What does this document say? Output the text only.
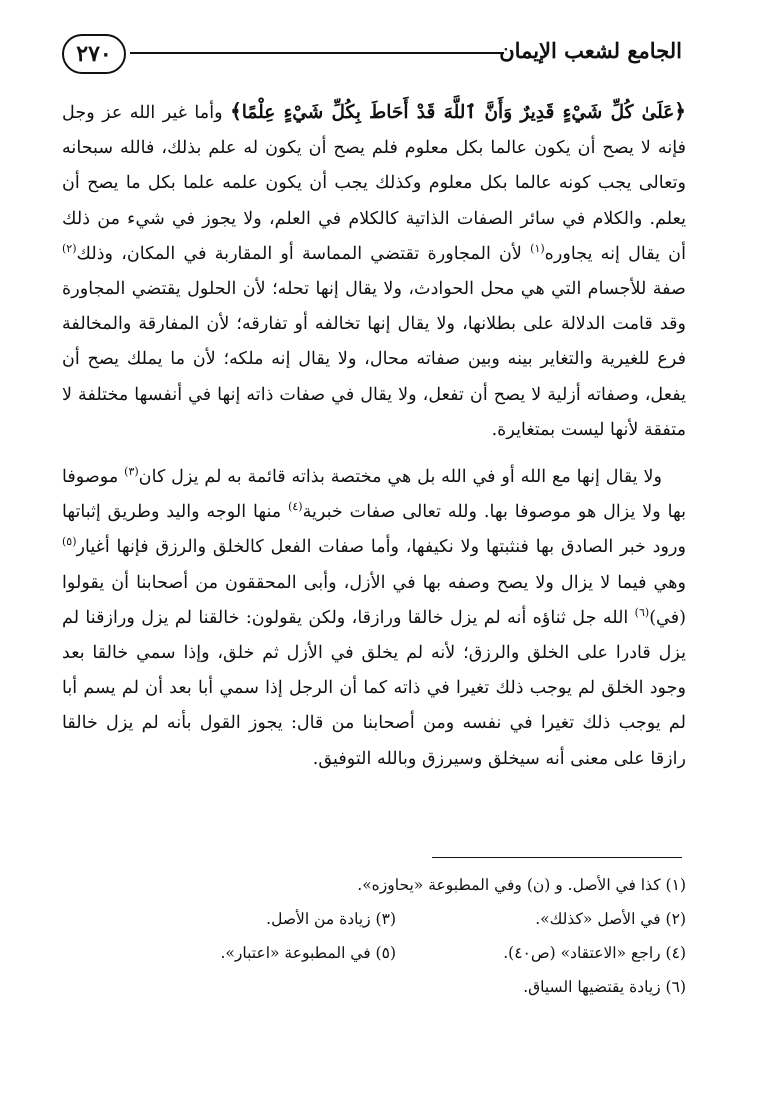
٢٧٠	الجامع لشعب الإيمان

﴿عَلَىٰ كُلِّ شَيْءٍ قَدِيرٌ وَأَنَّ ٱللَّهَ قَدْ أَحَاطَ بِكُلِّ شَيْءٍ عِلْمًا﴾ وأما غير الله عز وجل فإنه لا يصح أن يكون عالما بكل معلوم فلم يصح أن يكون له علم بذلك، فالله سبحانه وتعالى يجب كونه عالما بكل معلوم وكذلك يجب أن يكون علمه علما بكل ما يصح أن يعلم. والكلام في سائر الصفات الذاتية كالكلام في العلم، ولا يجوز في شيء من ذلك أن يقال إنه يجاوره$^{(١)}$ لأن المجاورة تقتضي المماسة أو المقاربة في المكان، وذلك$^{(٢)}$ صفة للأجسام التي هي محل الحوادث، ولا يقال إنها تحله؛ لأن الحلول يقتضي المجاورة وقد قامت الدلالة على بطلانها، ولا يقال إنها تخالفه أو تفارقه؛ لأن المفارقة والمخالفة فرع للغيرية والتغاير بينه وبين صفاته محال، ولا يقال إنه ملكه؛ لأن ما يملك يصح أن يفعل، وصفاته أزلية لا يصح أن تفعل، ولا يقال في صفات ذاته إنها في أنفسها مختلفة لا متفقة لأنها ليست بمتغايرة.

ولا يقال إنها مع الله أو في الله بل هي مختصة بذاته قائمة به لم يزل كان$^{(٣)}$ موصوفا بها ولا يزال هو موصوفا بها. ولله تعالى صفات خبرية$^{(٤)}$ منها الوجه واليد وطريق إثباتها ورود خبر الصادق بها فنثبتها ولا نكيفها، وأما صفات الفعل كالخلق والرزق فإنها أغيار$^{(٥)}$ وهي فيما لا يزال ولا يصح وصفه بها في الأزل، وأبى المحققون من أصحابنا أن يقولوا (في)$^{(٦)}$ الله جل ثناؤه أنه لم يزل خالقا ورازقا، ولكن يقولون: خالقنا لم يزل ورازقنا لم يزل قادرا على الخلق والرزق؛ لأنه لم يخلق في الأزل ثم خلق، وإذا سمي خالقا بعد وجود الخلق لم يوجب ذلك تغيرا في ذاته كما أن الرجل إذا سمي أبا بعد أن لم يسم أبا لم يوجب ذلك تغيرا في نفسه ومن أصحابنا من قال: يجوز القول بأنه لم يزل خالقا رازقا على معنى أنه سيخلق وسيرزق وبالله التوفيق.

(١) كذا في الأصل. و (ن) وفي المطبوعة «يحاوزه».
(٢) في الأصل «كذلك».
(٣) زيادة من الأصل.
(٤) راجع «الاعتقاد» (ص٤٠).
(٥) في المطبوعة «اعتبار».
(٦) زيادة يقتضيها السياق.
